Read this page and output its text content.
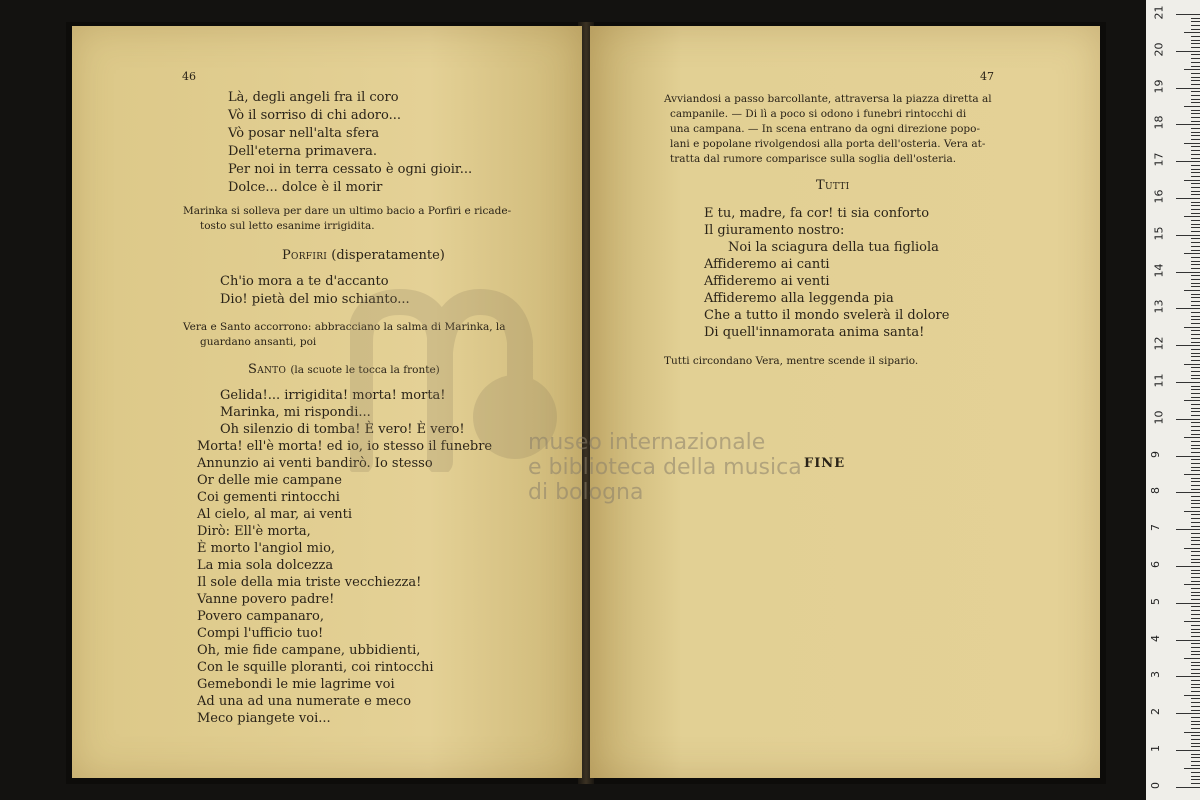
46
Là, degli angeli fra il coro
Vò il sorriso di chi adoro...
Vò posar nell'alta sfera
Dell'eterna primavera.
Per noi in terra cessato è ogni gioir...
Dolce... dolce è il morir
Marinka si solleva per dare un ultimo bacio a Porfiri e ricade-
tosto sul letto esanime irrigidita.
Porfiri (disperatamente)
Ch'io mora a te d'accanto
Dio! pietà del mio schianto...
Vera e Santo accorrono: abbracciano la salma di Marinka, la
guardano ansanti, poi
Santo (la scuote le tocca la fronte)
Gelida!... irrigidita! morta! morta!
Marinka, mi rispondi...
Oh silenzio di tomba! È vero! È vero!
Morta! ell'è morta! ed io, io stesso il funebre
Annunzio ai venti bandirò. Io stesso
Or delle mie campane
Coi gementi rintocchi
Al cielo, al mar, ai venti
Dirò: Ell'è morta,
È morto l'angiol mio,
La mia sola dolcezza
Il sole della mia triste vecchiezza!
Vanne povero padre!
Povero campanaro,
Compi l'ufficio tuo!
Oh, mie fide campane, ubbidienti,
Con le squille ploranti, coi rintocchi
Gemebondi le mie lagrime voi
Ad una ad una numerate e meco
Meco piangete voi...
47
Avviandosi a passo barcollante, attraversa la piazza diretta al
campanile. — Di lì a poco si odono i funebri rintocchi di
una campana. — In scena entrano da ogni direzione popo-
lani e popolane rivolgendosi alla porta dell'osteria. Vera at-
tratta dal rumore comparisce sulla soglia dell'osteria.
Tutti
E tu, madre, fa cor! ti sia conforto
Il giuramento nostro:
Noi la sciagura della tua figliola
Affideremo ai canti
Affideremo ai venti
Affideremo alla leggenda pia
Che a tutto il mondo svelerà il dolore
Di quell'innamorata anima santa!
Tutti circondano Vera, mentre scende il sipario.
FINE
museo internazionale
e biblioteca della musica
di bologna
21
20
19
18
17
16
15
14
13
12
11
10
9
8
7
6
5
4
3
2
1
0
